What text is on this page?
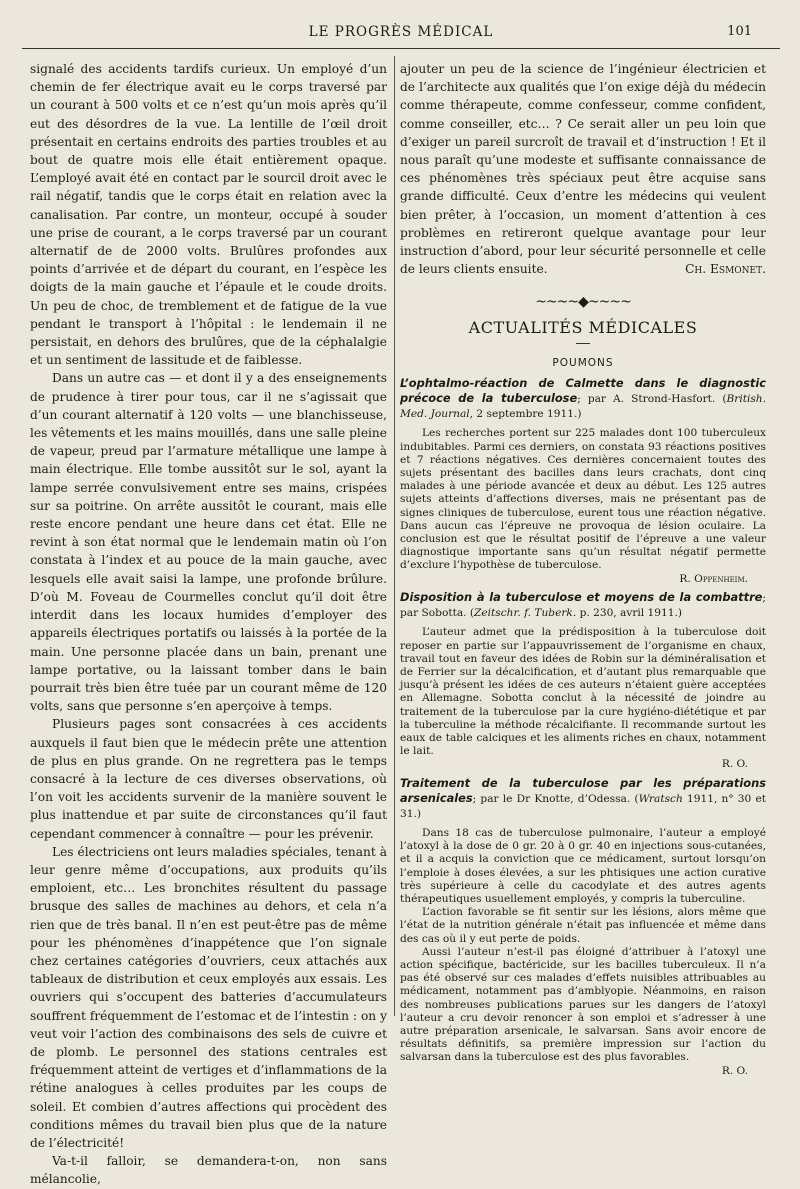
LE PROGRÈS MÉDICAL	101

signalé des accidents tardifs curieux. Un employé d’un chemin de fer électrique avait eu le corps traversé par un courant à 500 volts et ce n’est qu’un mois après qu’il eut des désordres de la vue. La lentille de l’œil droit présentait en certains endroits des parties troubles et au bout de quatre mois elle était entièrement opaque. L’employé avait été en contact par le sourcil droit avec le rail négatif, tandis que le corps était en relation avec la canalisation. Par contre, un monteur, occupé à souder une prise de courant, a le corps traversé par un courant alternatif de de 2000 volts. Brulûres profondes aux points d’arrivée et de départ du courant, en l’espèce les doigts de la main gauche et l’épaule et le coude droits. Un peu de choc, de tremblement et de fatigue de la vue pendant le transport à l’hôpital : le lendemain il ne persistait, en dehors des brulûres, que de la céphalalgie et un sentiment de lassitude et de faiblesse.

Dans un autre cas — et dont il y a des enseignements de prudence à tirer pour tous, car il ne s’agissait que d’un courant alternatif à 120 volts — une blanchisseuse, les vêtements et les mains mouillés, dans une salle pleine de vapeur, preud par l’armature métallique une lampe à main électrique. Elle tombe aussitôt sur le sol, ayant la lampe serrée convulsivement entre ses mains, crispées sur sa poitrine. On arrête aussitôt le courant, mais elle reste encore pendant une heure dans cet état. Elle ne revint à son état normal que le lendemain matin où l’on constata à l’index et au pouce de la main gauche, avec lesquels elle avait saisi la lampe, une profonde brûlure. D’où M. Foveau de Courmelles conclut qu’il doit être interdit dans les locaux humides d’employer des appareils électriques portatifs ou laissés à la portée de la main. Une personne placée dans un bain, prenant une lampe portative, ou la laissant tomber dans le bain pourrait très bien être tuée par un courant même de 120 volts, sans que personne s’en aperçoive à temps.

Plusieurs pages sont consacrées à ces accidents auxquels il faut bien que le médecin prête une attention de plus en plus grande. On ne regrettera pas le temps consacré à la lecture de ces diverses observations, où l’on voit les accidents survenir de la manière souvent le plus inattendue et par suite de circonstances qu’il faut cependant commencer à connaître — pour les prévenir.

Les électriciens ont leurs maladies spéciales, tenant à leur genre même d’occupations, aux produits qu’ils emploient, etc… Les bronchites résultent du passage brusque des salles de machines au dehors, et cela n’a rien que de très banal. Il n’en est peut-être pas de même pour les phénomènes d’inappétence que l’on signale chez certaines catégories d’ouvriers, ceux attachés aux tableaux de distribution et ceux employés aux essais. Les ouvriers qui s’occupent des batteries d’accumulateurs souffrent fréquemment de l’estomac et de l’intestin : on y veut voir l’action des combinaisons des sels de cuivre et de plomb. Le personnel des stations centrales est fréquemment atteint de vertiges et d’inflammations de la rétine analogues à celles produites par les coups de soleil. Et combien d’autres affections qui procèdent des conditions mêmes du travail bien plus que de la nature de l’électricité!

Va-t-il falloir, se demandera-t-on, non sans mélancolie,

ajouter un peu de la science de l’ingénieur électricien et de l’architecte aux qualités que l’on exige déjà du médecin comme thérapeute, comme confesseur, comme confident, comme conseiller, etc… ? Ce serait aller un peu loin que d’exiger un pareil surcroît de travail et d’instruction ! Et il nous paraît qu’une modeste et suffisante connaissance de ces phénomènes très spéciaux peut être acquise sans grande difficulté. Ceux d’entre les médecins qui veulent bien prêter, à l’occasion, un moment d’attention à ces problèmes en retireront quelque avantage pour leur instruction d’abord, pour leur sécurité personnelle et celle de leurs clients ensuite.	Ch. Esmonet.

~~~~◆~~~~
ACTUALITÉS MÉDICALES
POUMONS

L’ophtalmo-réaction de Calmette dans le diagnostic précoce de la tuberculose; par A. Strond-Hasfort. (British. Med. Journal, 2 septembre 1911.)

Les recherches portent sur 225 malades dont 100 tuberculeux indubitables. Parmi ces derniers, on constata 93 réactions positives et 7 réactions négatives. Ces dernières concernaient toutes des sujets présentant des bacilles dans leurs crachats, dont cinq malades à une période avancée et deux au début. Les 125 autres sujets atteints d’affections diverses, mais ne présentant pas de signes cliniques de tuberculose, eurent tous une réaction négative. Dans aucun cas l’épreuve ne provoqua de lésion oculaire. La conclusion est que le résultat positif de l’épreuve a une valeur diagnostique importante sans qu’un résultat négatif permette d’exclure l’hypothèse de tuberculose.

R. Oppenheim.

Disposition à la tuberculose et moyens de la combattre; par Sobotta. (Zeitschr. f. Tuberk. p. 230, avril 1911.)

L’auteur admet que la prédisposition à la tuberculose doit reposer en partie sur l’appauvrissement de l’organisme en chaux, travail tout en faveur des idées de Robin sur la déminéralisation et de Ferrier sur la décalcification, et d’autant plus remarquable que jusqu’à présent les idées de ces auteurs n’étaient guère acceptées en Allemagne. Sobotta conclut à la nécessité de joindre au traitement de la tuberculose par la cure hygiéno-diététique et par la tuberculine la méthode récalcifiante. Il recommande surtout les eaux de table calciques et les aliments riches en chaux, notamment le lait.

R. O.

Traitement de la tuberculose par les préparations arsenicales; par le Dr Knotte, d’Odessa. (Wratsch 1911, n° 30 et 31.)

Dans 18 cas de tuberculose pulmonaire, l’auteur a employé l’atoxyl à la dose de 0 gr. 20 à 0 gr. 40 en injections sous-cutanées, et il a acquis la conviction que ce médicament, surtout lorsqu’on l’emploie à doses élevées, a sur les phtisiques une action curative très supérieure à celle du cacodylate et des autres agents thérapeutiques usuellement employés, y compris la tuberculine.

L’action favorable se fit sentir sur les lésions, alors même que l’état de la nutrition générale n’était pas influencée et même dans des cas où il y eut perte de poids.

Aussi l’auteur n’est-il pas éloigné d’attribuer à l’atoxyl une action spécifique, bactéricide, sur les bacilles tuberculeux. Il n’a pas été observé sur ces malades d’effets nuisibles attribuables au médicament, notamment pas d’amblyopie. Néanmoins, en raison des nombreuses publications parues sur les dangers de l’atoxyl l’auteur a cru devoir renoncer à son emploi et s’adresser à une autre préparation arsenicale, le salvarsan. Sans avoir encore de résultats définitifs, sa première impression sur l’action du salvarsan dans la tuberculose est des plus favorables.

R. O.
